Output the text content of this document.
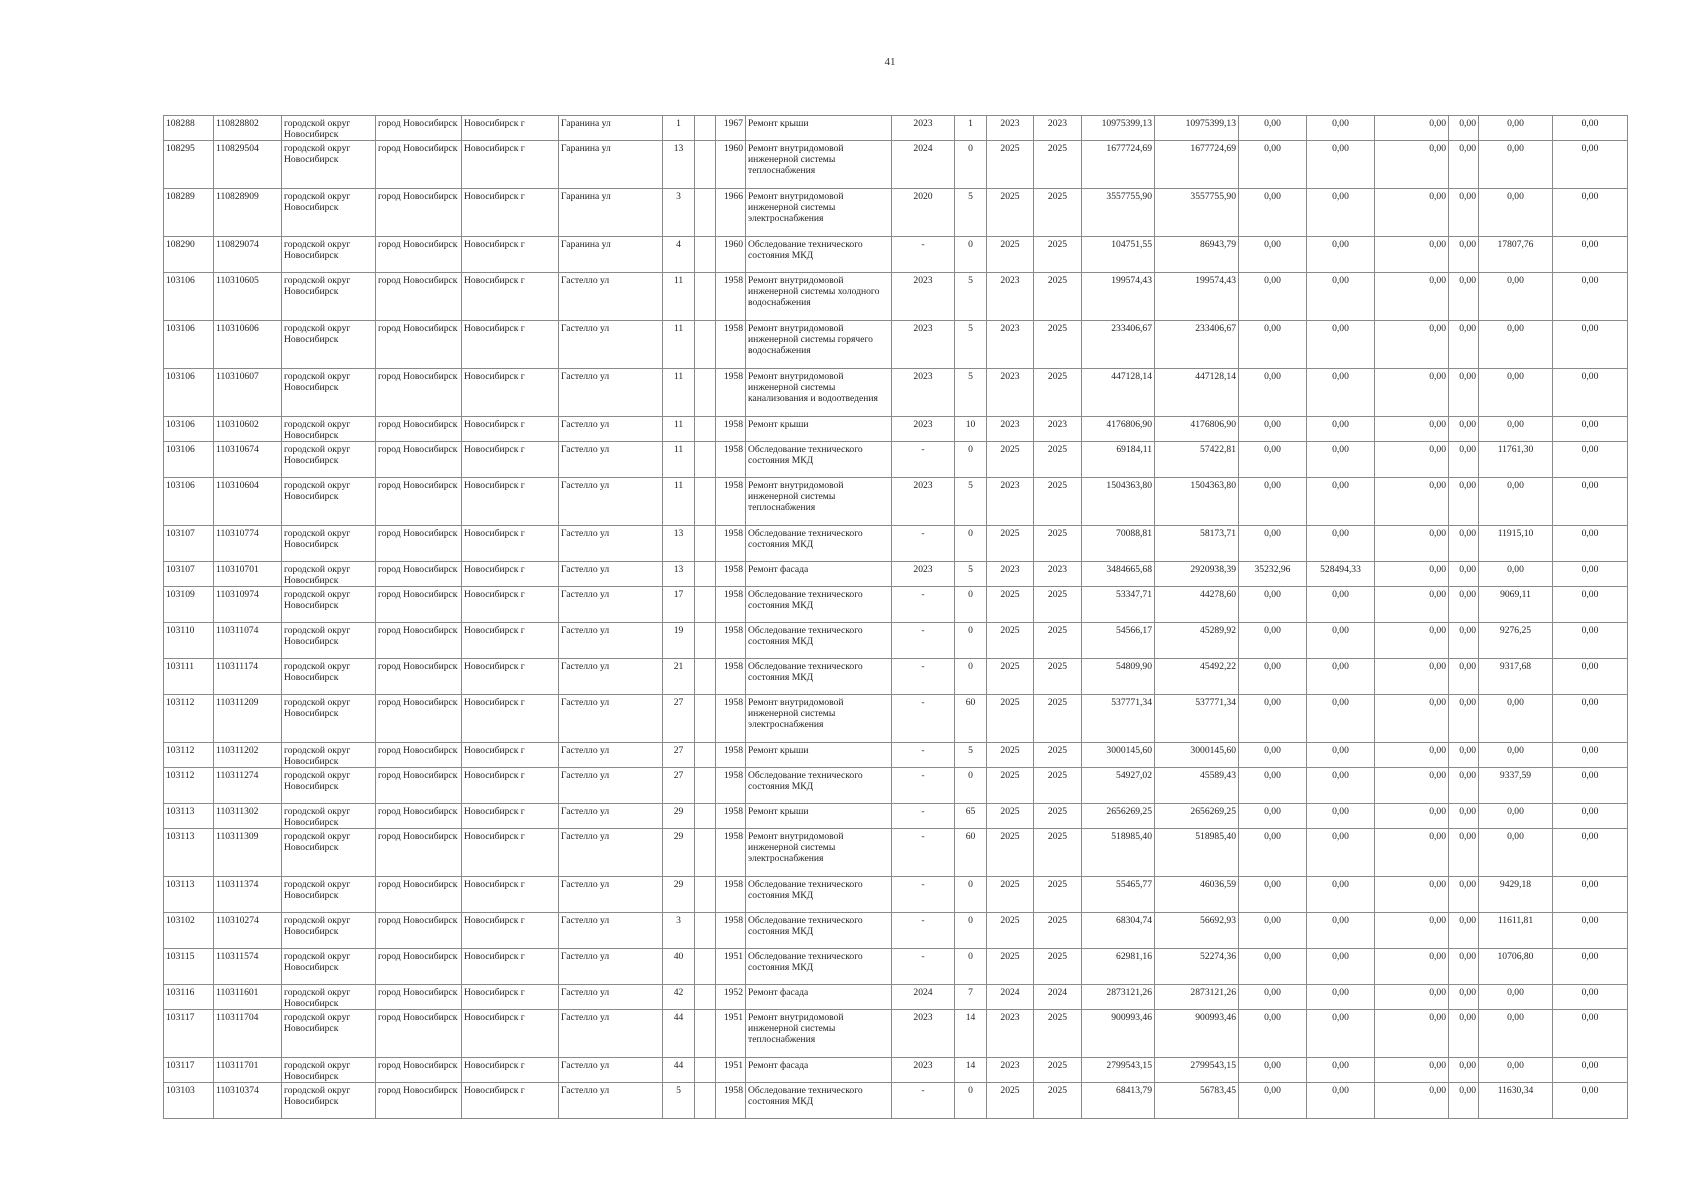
41
108288	110828802	городской округ Новосибирск	город Новосибирск	Новосибирск г	Гаранина ул	1		1967	Ремонт крыши	2023	1	2023	2023	10975399,13	10975399,13	0,00	0,00	0,00	0,00	0,00	0,00
108295	110829504	городской округ Новосибирск	город Новосибирск	Новосибирск г	Гаранина ул	13		1960	Ремонт внутридомовой инженерной системы теплоснабжения	2024	0	2025	2025	1677724,69	1677724,69	0,00	0,00	0,00	0,00	0,00	0,00
108289	110828909	городской округ Новосибирск	город Новосибирск	Новосибирск г	Гаранина ул	3		1966	Ремонт внутридомовой инженерной системы электроснабжения	2020	5	2025	2025	3557755,90	3557755,90	0,00	0,00	0,00	0,00	0,00	0,00
108290	110829074	городской округ Новосибирск	город Новосибирск	Новосибирск г	Гаранина ул	4		1960	Обследование технического состояния МКД	-	0	2025	2025	104751,55	86943,79	0,00	0,00	0,00	0,00	17807,76	0,00
103106	110310605	городской округ Новосибирск	город Новосибирск	Новосибирск г	Гастелло ул	11		1958	Ремонт внутридомовой инженерной системы холодного водоснабжения	2023	5	2023	2025	199574,43	199574,43	0,00	0,00	0,00	0,00	0,00	0,00
103106	110310606	городской округ Новосибирск	город Новосибирск	Новосибирск г	Гастелло ул	11		1958	Ремонт внутридомовой инженерной системы горячего водоснабжения	2023	5	2023	2025	233406,67	233406,67	0,00	0,00	0,00	0,00	0,00	0,00
103106	110310607	городской округ Новосибирск	город Новосибирск	Новосибирск г	Гастелло ул	11		1958	Ремонт внутридомовой инженерной системы канализования и водоотведения	2023	5	2023	2025	447128,14	447128,14	0,00	0,00	0,00	0,00	0,00	0,00
103106	110310602	городской округ Новосибирск	город Новосибирск	Новосибирск г	Гастелло ул	11		1958	Ремонт крыши	2023	10	2023	2023	4176806,90	4176806,90	0,00	0,00	0,00	0,00	0,00	0,00
103106	110310674	городской округ Новосибирск	город Новосибирск	Новосибирск г	Гастелло ул	11		1958	Обследование технического состояния МКД	-	0	2025	2025	69184,11	57422,81	0,00	0,00	0,00	0,00	11761,30	0,00
103106	110310604	городской округ Новосибирск	город Новосибирск	Новосибирск г	Гастелло ул	11		1958	Ремонт внутридомовой инженерной системы теплоснабжения	2023	5	2023	2025	1504363,80	1504363,80	0,00	0,00	0,00	0,00	0,00	0,00
103107	110310774	городской округ Новосибирск	город Новосибирск	Новосибирск г	Гастелло ул	13		1958	Обследование технического состояния МКД	-	0	2025	2025	70088,81	58173,71	0,00	0,00	0,00	0,00	11915,10	0,00
103107	110310701	городской округ Новосибирск	город Новосибирск	Новосибирск г	Гастелло ул	13		1958	Ремонт фасада	2023	5	2023	2023	3484665,68	2920938,39	35232,96	528494,33	0,00	0,00	0,00	0,00
103109	110310974	городской округ Новосибирск	город Новосибирск	Новосибирск г	Гастелло ул	17		1958	Обследование технического состояния МКД	-	0	2025	2025	53347,71	44278,60	0,00	0,00	0,00	0,00	9069,11	0,00
103110	110311074	городской округ Новосибирск	город Новосибирск	Новосибирск г	Гастелло ул	19		1958	Обследование технического состояния МКД	-	0	2025	2025	54566,17	45289,92	0,00	0,00	0,00	0,00	9276,25	0,00
103111	110311174	городской округ Новосибирск	город Новосибирск	Новосибирск г	Гастелло ул	21		1958	Обследование технического состояния МКД	-	0	2025	2025	54809,90	45492,22	0,00	0,00	0,00	0,00	9317,68	0,00
103112	110311209	городской округ Новосибирск	город Новосибирск	Новосибирск г	Гастелло ул	27		1958	Ремонт внутридомовой инженерной системы электроснабжения	-	60	2025	2025	537771,34	537771,34	0,00	0,00	0,00	0,00	0,00	0,00
103112	110311202	городской округ Новосибирск	город Новосибирск	Новосибирск г	Гастелло ул	27		1958	Ремонт крыши	-	5	2025	2025	3000145,60	3000145,60	0,00	0,00	0,00	0,00	0,00	0,00
103112	110311274	городской округ Новосибирск	город Новосибирск	Новосибирск г	Гастелло ул	27		1958	Обследование технического состояния МКД	-	0	2025	2025	54927,02	45589,43	0,00	0,00	0,00	0,00	9337,59	0,00
103113	110311302	городской округ Новосибирск	город Новосибирск	Новосибирск г	Гастелло ул	29		1958	Ремонт крыши	-	65	2025	2025	2656269,25	2656269,25	0,00	0,00	0,00	0,00	0,00	0,00
103113	110311309	городской округ Новосибирск	город Новосибирск	Новосибирск г	Гастелло ул	29		1958	Ремонт внутридомовой инженерной системы электроснабжения	-	60	2025	2025	518985,40	518985,40	0,00	0,00	0,00	0,00	0,00	0,00
103113	110311374	городской округ Новосибирск	город Новосибирск	Новосибирск г	Гастелло ул	29		1958	Обследование технического состояния МКД	-	0	2025	2025	55465,77	46036,59	0,00	0,00	0,00	0,00	9429,18	0,00
103102	110310274	городской округ Новосибирск	город Новосибирск	Новосибирск г	Гастелло ул	3		1958	Обследование технического состояния МКД	-	0	2025	2025	68304,74	56692,93	0,00	0,00	0,00	0,00	11611,81	0,00
103115	110311574	городской округ Новосибирск	город Новосибирск	Новосибирск г	Гастелло ул	40		1951	Обследование технического состояния МКД	-	0	2025	2025	62981,16	52274,36	0,00	0,00	0,00	0,00	10706,80	0,00
103116	110311601	городской округ Новосибирск	город Новосибирск	Новосибирск г	Гастелло ул	42		1952	Ремонт фасада	2024	7	2024	2024	2873121,26	2873121,26	0,00	0,00	0,00	0,00	0,00	0,00
103117	110311704	городской округ Новосибирск	город Новосибирск	Новосибирск г	Гастелло ул	44		1951	Ремонт внутридомовой инженерной системы теплоснабжения	2023	14	2023	2025	900993,46	900993,46	0,00	0,00	0,00	0,00	0,00	0,00
103117	110311701	городской округ Новосибирск	город Новосибирск	Новосибирск г	Гастелло ул	44		1951	Ремонт фасада	2023	14	2023	2025	2799543,15	2799543,15	0,00	0,00	0,00	0,00	0,00	0,00
103103	110310374	городской округ Новосибирск	город Новосибирск	Новосибирск г	Гастелло ул	5		1958	Обследование технического состояния МКД	-	0	2025	2025	68413,79	56783,45	0,00	0,00	0,00	0,00	11630,34	0,00
